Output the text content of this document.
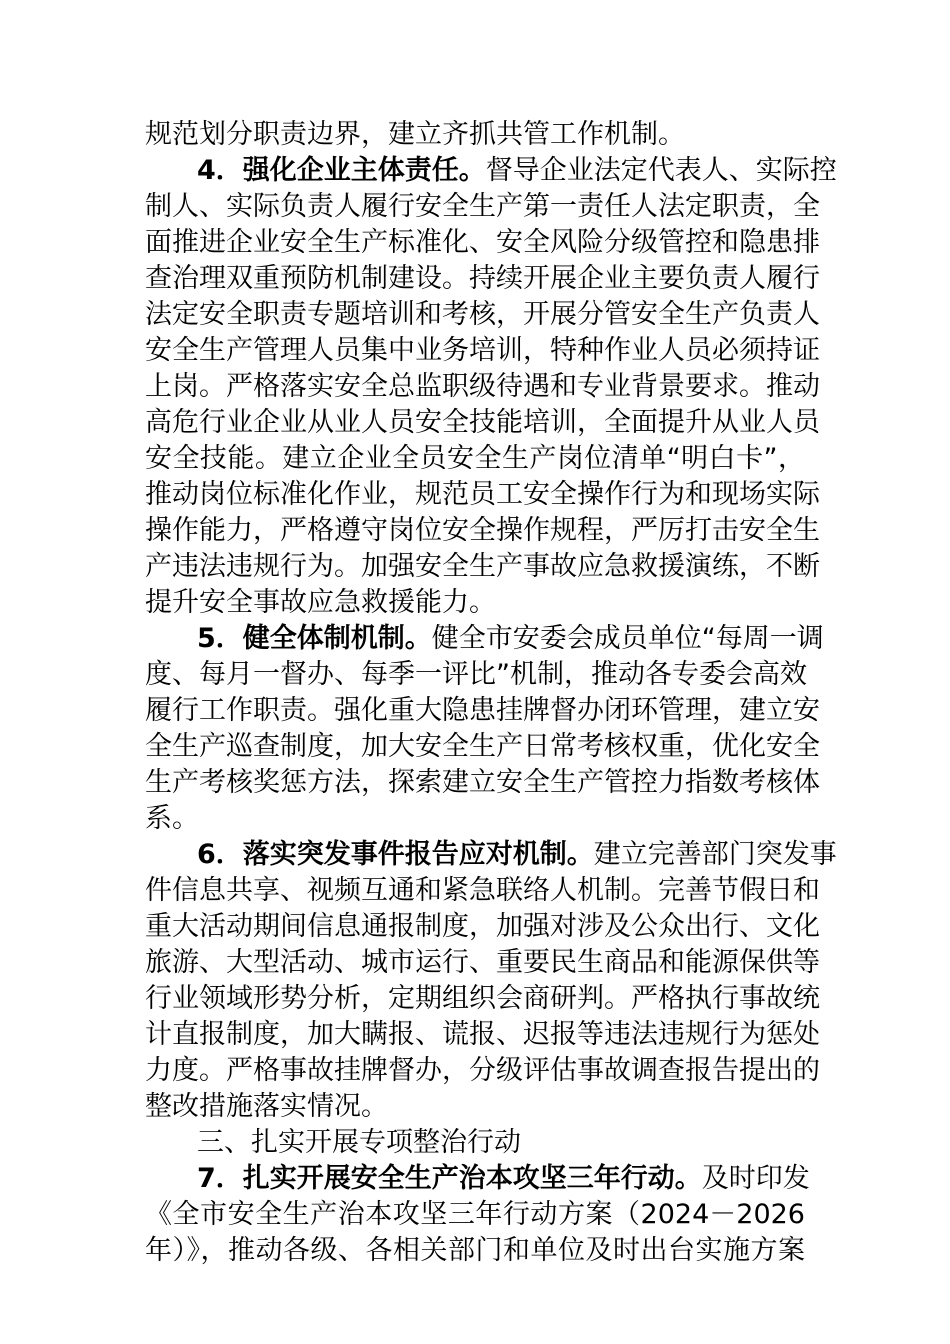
规范划分职责边界，建立齐抓共管工作机制。
4．强化企业主体责任。督导企业法定代表人、实际控
制人、实际负责人履行安全生产第一责任人法定职责，全
面推进企业安全生产标准化、安全风险分级管控和隐患排
查治理双重预防机制建设。持续开展企业主要负责人履行
法定安全职责专题培训和考核，开展分管安全生产负责人
安全生产管理人员集中业务培训，特种作业人员必须持证
上岗。严格落实安全总监职级待遇和专业背景要求。推动
高危行业企业从业人员安全技能培训，全面提升从业人员
安全技能。建立企业全员安全生产岗位清单“明白卡”，
推动岗位标准化作业，规范员工安全操作行为和现场实际
操作能力，严格遵守岗位安全操作规程，严厉打击安全生
产违法违规行为。加强安全生产事故应急救援演练，不断
提升安全事故应急救援能力。
5．健全体制机制。健全市安委会成员单位“每周一调
度、每月一督办、每季一评比”机制，推动各专委会高效
履行工作职责。强化重大隐患挂牌督办闭环管理，建立安
全生产巡查制度，加大安全生产日常考核权重，优化安全
生产考核奖惩方法，探索建立安全生产管控力指数考核体
系。
6．落实突发事件报告应对机制。建立完善部门突发事
件信息共享、视频互通和紧急联络人机制。完善节假日和
重大活动期间信息通报制度，加强对涉及公众出行、文化
旅游、大型活动、城市运行、重要民生商品和能源保供等
行业领域形势分析，定期组织会商研判。严格执行事故统
计直报制度，加大瞒报、谎报、迟报等违法违规行为惩处
力度。严格事故挂牌督办，分级评估事故调查报告提出的
整改措施落实情况。
三、扎实开展专项整治行动
7．扎实开展安全生产治本攻坚三年行动。及时印发
《全市安全生产治本攻坚三年行动方案（2024－2026
年）》，推动各级、各相关部门和单位及时出台实施方案
